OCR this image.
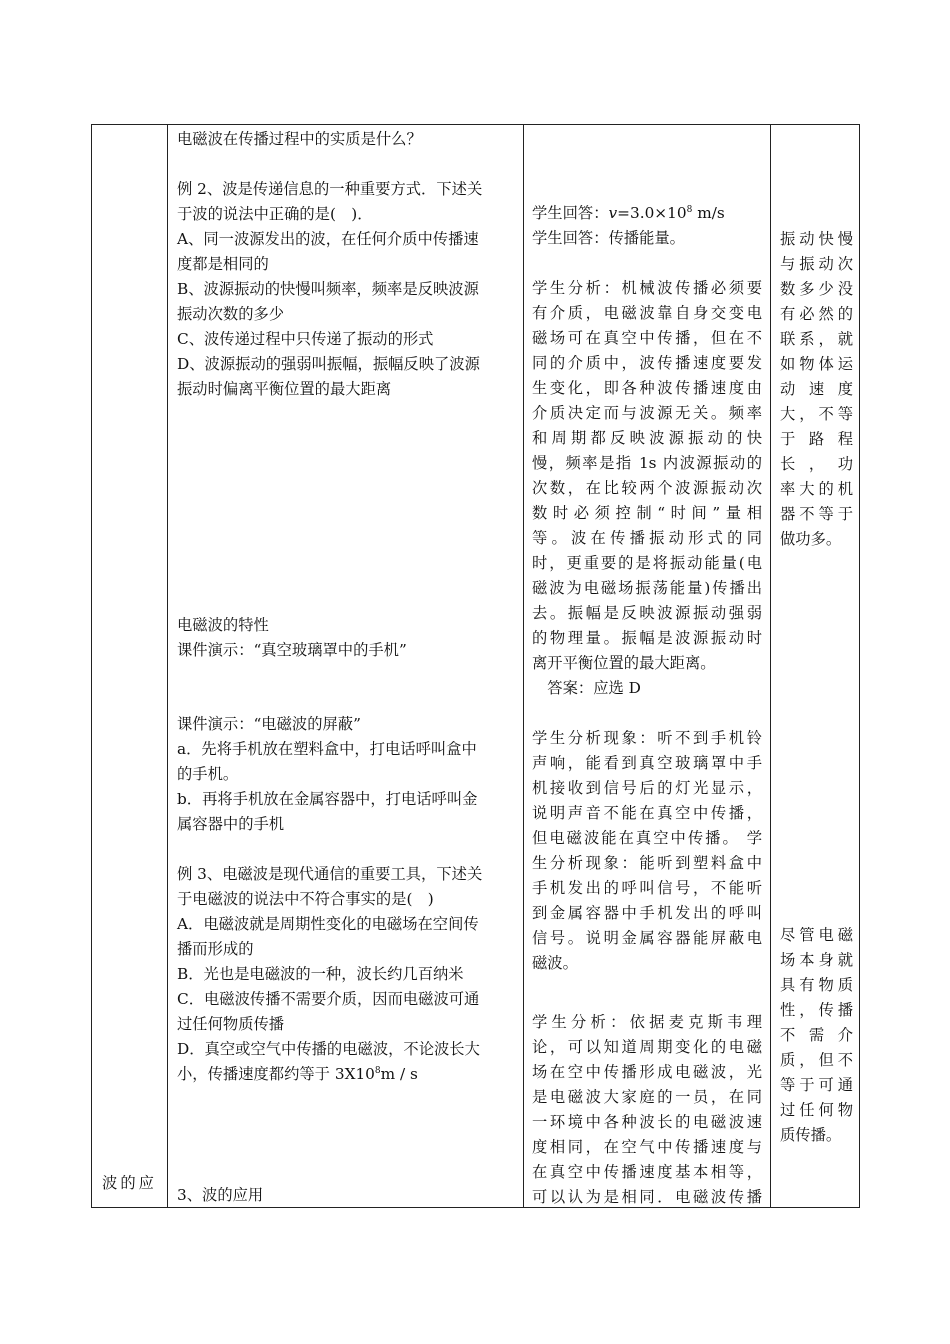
波的应

电磁波在传播过程中的实质是什么？

例 2、波是传递信息的一种重要方式．下述关

于波的说法中正确的是(　)．

A、同一波源发出的波，在任何介质中传播速

度都是相同的

B、波源振动的快慢叫频率，频率是反映波源

振动次数的多少

C、波传递过程中只传递了振动的形式

D、波源振动的强弱叫振幅，振幅反映了波源

振动时偏离平衡位置的最大距离

电磁波的特性

课件演示：“真空玻璃罩中的手机”

课件演示：“电磁波的屏蔽”

a．先将手机放在塑料盒中，打电话呼叫盒中

的手机。

b．再将手机放在金属容器中，打电话呼叫金

属容器中的手机

例 3、电磁波是现代通信的重要工具，下述关

于电磁波的说法中不符合事实的是(　)

A．电磁波就是周期性变化的电磁场在空间传

播而形成的

B．光也是电磁波的一种，波长约几百纳米

C．电磁波传播不需要介质，因而电磁波可通

过任何物质传播

D．真空或空气中传播的电磁波，不论波长大

小，传播速度都约等于 $3X10^8m$ / s

3、波的应用

学生回答：$v=3.0\times 10^8$ m/s

学生回答：传播能量。

学生分析：机械波传播必须要

有介质，电磁波靠自身交变电

磁场可在真空中传播，但在不

同的介质中，波传播速度要发

生变化，即各种波传播速度由

介质决定而与波源无关。频率

和周期都反映波源振动的快

慢，频率是指 1s 内波源振动的

次数，在比较两个波源振动次

数时必须控制“时间”量相

等。波在传播振动形式的同

时，更重要的是将振动能量(电

磁波为电磁场振荡能量)传播出

去。振幅是反映波源振动强弱

的物理量。振幅是波源振动时

离开平衡位置的最大距离。

　答案：应选 D

学生分析现象：听不到手机铃

声响，能看到真空玻璃罩中手

机接收到信号后的灯光显示，

说明声音不能在真空中传播，

但电磁波能在真空中传播。 学

生分析现象：能听到塑料盒中

手机发出的呼叫信号，不能听

到金属容器中手机发出的呼叫

信号。说明金属容器能屏蔽电

磁波。

学生分析：依据麦克斯韦理

论，可以知道周期变化的电磁

场在空中传播形成电磁波，光

是电磁波大家庭的一员，在同

一环境中各种波长的电磁波速

度相同，在空气中传播速度与

在真空中传播速度基本相等，

可以认为是相同．电磁波传播

振动快慢

与振动次

数多少没

有必然的

联系，就

如物体运

动 速 度

大，不等

于 路 程

长 ， 功

率大的机

器不等于

做功多。

尽管电磁

场本身就

具有物质

性，传播

不 需 介

质，但不

等于可通

过任何物

质传播。
